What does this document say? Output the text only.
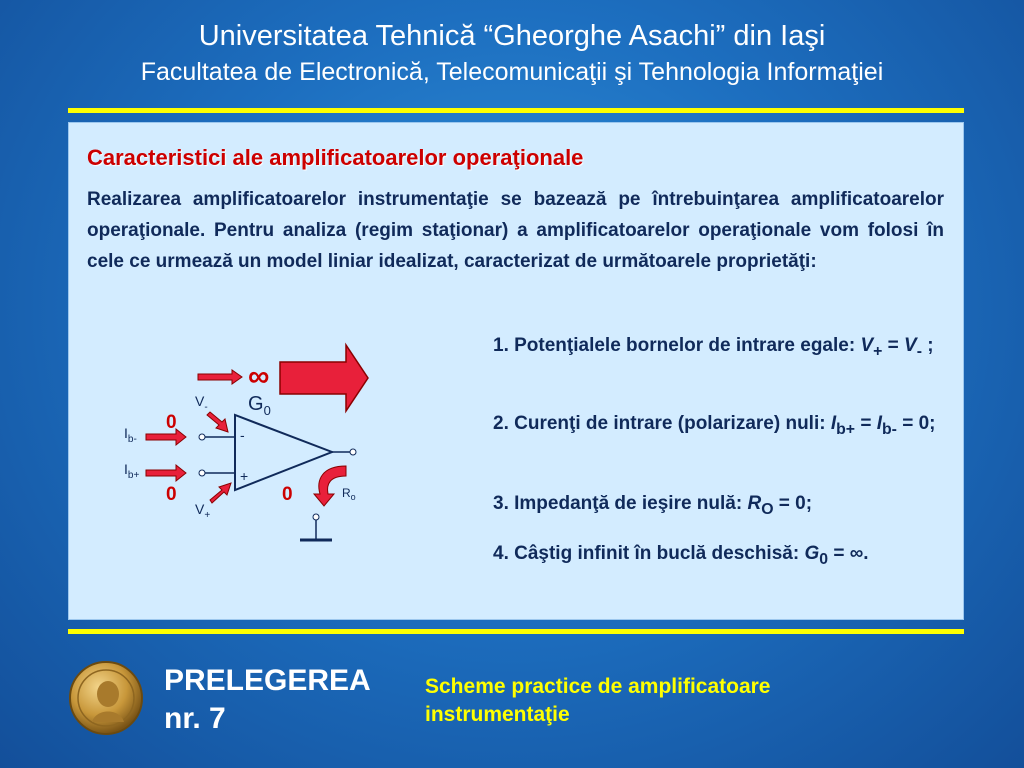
Universitatea Tehnică “Gheorghe Asachi” din Iaşi
Facultatea de Electronică, Telecomunicaţii şi Tehnologia Informaţiei
Caracteristici ale amplificatoarelor operaţionale
Realizarea amplificatoarelor instrumentaţie se bazează pe întrebuinţarea amplificatoarelor operaţionale. Pentru analiza (regim staţionar) a amplificatoarelor operaţionale vom folosi în cele ce urmează un model liniar idealizat, caracterizat de următoarele proprietăţi:
1. Potenţialele bornelor de intrare egale: $V_+ = V_-$ ;
2. Curenţi de intrare (polarizare) nuli: $I_{b+} = I_{b-} = 0$;
3. Impedanţă de ieşire nulă: $R_O = 0$;
4. Câştig infinit în buclă deschisă: $G_0$ = ∞.
∞
$G_0$
$V_-$
-
+
$I_{b-}$
0
$I_{b+}$
0
$V_+$
0	$R_o$
PRELEGEREA
nr. 7
Scheme practice de amplificatoare
instrumentaţie
